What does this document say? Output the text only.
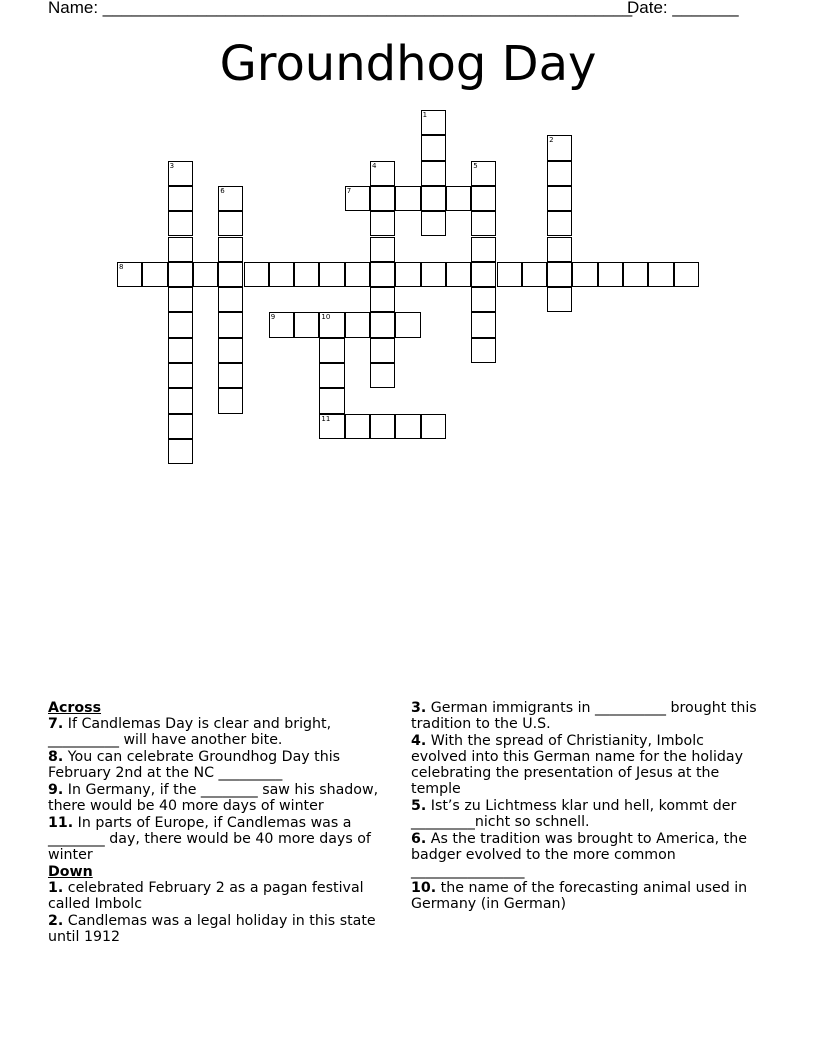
Name: ________________________________________________________
Date: _______
Groundhog Day
1
2
3	4	5
6	7
8
9	10
11
Across
7. If Candlemas Day is clear and bright, __________ will have another bite.
8. You can celebrate Groundhog Day this February 2nd at the NC _________
9. In Germany, if the ________ saw his shadow, there would be 40 more days of winter
11. In parts of Europe, if Candlemas was a ________ day, there would be 40 more days of winter
Down
1. celebrated February 2 as a pagan festival called Imbolc
2. Candlemas was a legal holiday in this state until 1912
3. German immigrants in __________ brought this tradition to the U.S.
4. With the spread of Christianity, Imbolc evolved into this German name for the holiday celebrating the presentation of Jesus at the temple
5. Ist’s zu Lichtmess klar und hell, kommt der _________nicht so schnell.
6. As the tradition was brought to America, the badger evolved to the more common ________________
10. the name of the forecasting animal used in Germany (in German)
